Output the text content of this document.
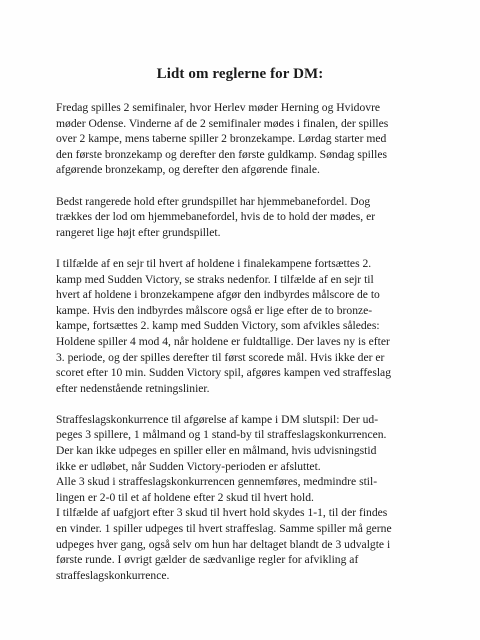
Lidt om reglerne for DM:
Fredag spilles 2 semifinaler, hvor Herlev møder Herning og Hvidovre
møder Odense. Vinderne af de 2 semifinaler mødes i finalen, der spilles
over 2 kampe, mens taberne spiller 2 bronzekampe. Lørdag starter med
den første bronzekamp og derefter den første guldkamp. Søndag spilles
afgørende bronzekamp, og derefter den afgørende finale.
Bedst rangerede hold efter grundspillet har hjemmebanefordel. Dog
trækkes der lod om hjemmebanefordel, hvis de to hold der mødes, er
rangeret lige højt efter grundspillet.
I tilfælde af en sejr til hvert af holdene i finalekampene fortsættes 2.
kamp med Sudden Victory, se straks nedenfor. I tilfælde af en sejr til
hvert af holdene i bronzekampene afgør den indbyrdes målscore de to
kampe. Hvis den indbyrdes målscore også er lige efter de to bronze-
kampe, fortsættes 2. kamp med Sudden Victory, som afvikles således:
Holdene spiller 4 mod 4, når holdene er fuldtallige. Der laves ny is efter
3. periode, og der spilles derefter til først scorede mål. Hvis ikke der er
scoret efter 10 min. Sudden Victory spil, afgøres kampen ved straffeslag
efter nedenstående retningslinier.
Straffeslagskonkurrence til afgørelse af kampe i DM slutspil: Der ud-
peges 3 spillere, 1 målmand og 1 stand-by til straffeslagskonkurrencen.
Der kan ikke udpeges en spiller eller en målmand, hvis udvisningstid
ikke er udløbet, når Sudden Victory-perioden er afsluttet.
Alle 3 skud i straffeslagskonkurrencen gennemføres, medmindre stil-
lingen er 2-0 til et af holdene efter 2 skud til hvert hold.
I tilfælde af uafgjort efter 3 skud til hvert hold skydes 1-1, til der findes
en vinder. 1 spiller udpeges til hvert straffeslag. Samme spiller må gerne
udpeges hver gang, også selv om hun har deltaget blandt de 3 udvalgte i
første runde. I øvrigt gælder de sædvanlige regler for afvikling af
straffeslagskonkurrence.
